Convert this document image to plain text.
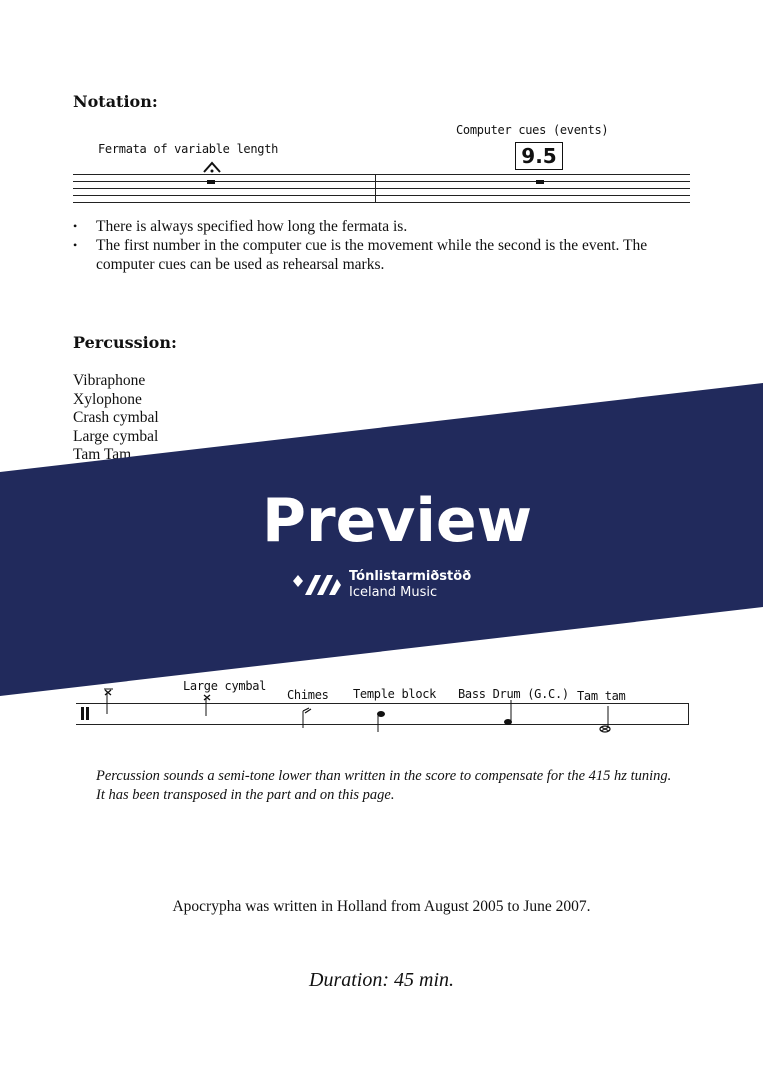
Notation:
Fermata of variable length
Computer cues (events)
9.5
• There is always specified how long the fermata is.
• The first number in the computer cue is the movement while the second is the event. The computer cues can be used as rehearsal marks.
Percussion:
Vibraphone
Xylophone
Crash cymbal
Large cymbal
Tam Tam
Preview
Tónlistarmiðstöð
Iceland Music
Large cymbal
Chimes Temple block Bass Drum (G.C.) Tam tam
Percussion sounds a semi-tone lower than written in the score to compensate for the 415 hz tuning. It has been transposed in the part and on this page.
Apocrypha was written in Holland from August 2005 to June 2007.
Duration: 45 min.
